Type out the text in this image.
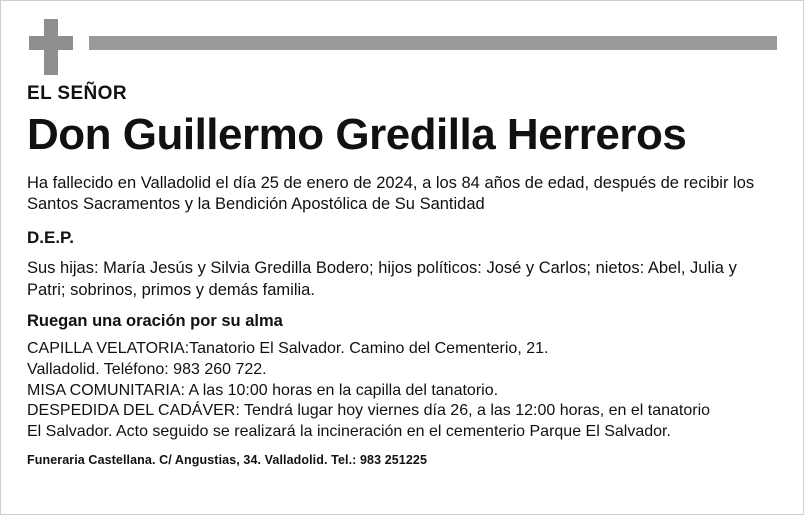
EL SEÑOR
Don Guillermo Gredilla Herreros
Ha fallecido en Valladolid el día 25 de enero de 2024, a los 84 años de edad, después de recibir los Santos Sacramentos y la Bendición Apostólica de Su Santidad
D.E.P.
Sus hijas: María Jesús y Silvia Gredilla Bodero; hijos políticos: José y Carlos; nietos: Abel, Julia y Patri; sobrinos, primos y demás familia.
Ruegan una oración por su alma
CAPILLA VELATORIA:Tanatorio El Salvador. Camino del Cementerio, 21.
Valladolid. Teléfono: 983 260 722.
MISA COMUNITARIA: A las 10:00 horas en la capilla del tanatorio.
DESPEDIDA DEL CADÁVER: Tendrá lugar hoy viernes día 26, a las 12:00 horas, en el tanatorio
El Salvador. Acto seguido se realizará la incineración en el cementerio Parque El Salvador.
Funeraria Castellana. C/ Angustias, 34. Valladolid. Tel.: 983 251225
